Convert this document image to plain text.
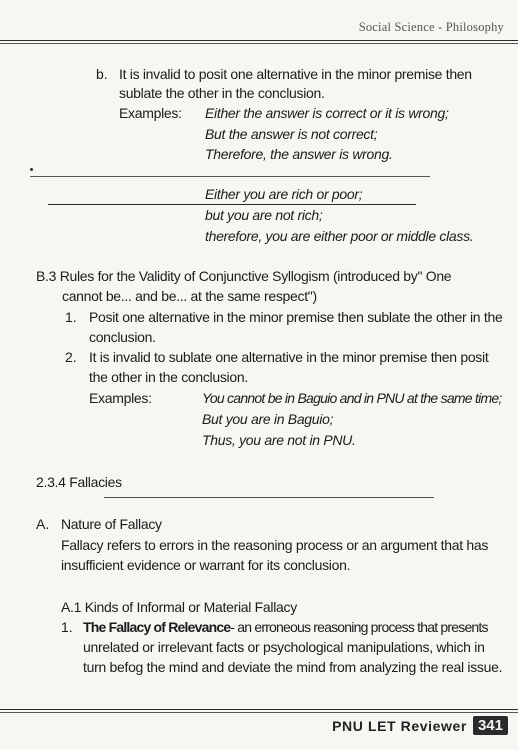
Social Science - Philosophy
b. It is invalid to posit one alternative in the minor premise then
sublate the other in the conclusion.
Examples: Either the answer is correct or it is wrong;
But the answer is not correct;
Therefore, the answer is wrong.
Either you are rich or poor;
but you are not rich;
therefore, you are either poor or middle class.
B.3 Rules for the Validity of Conjunctive Syllogism (introduced by" One
cannot be... and be... at the same respect")
1. Posit one alternative in the minor premise then sublate the other in the
conclusion.
2. It is invalid to sublate one alternative in the minor premise then posit
the other in the conclusion.
Examples:	You cannot be in Baguio and in PNU at the same time;
But you are in Baguio;
Thus, you are not in PNU.
2.3.4 Fallacies
A. Nature of Fallacy
Fallacy refers to errors in the reasoning process or an argument that has
insufficient evidence or warrant for its conclusion.
A.1 Kinds of Informal or Material Fallacy
1. The Fallacy of Relevance- an erroneous reasoning process that presents
unrelated or irrelevant facts or psychological manipulations, which in
turn befog the mind and deviate the mind from analyzing the real issue.
PNU LET Reviewer 341
